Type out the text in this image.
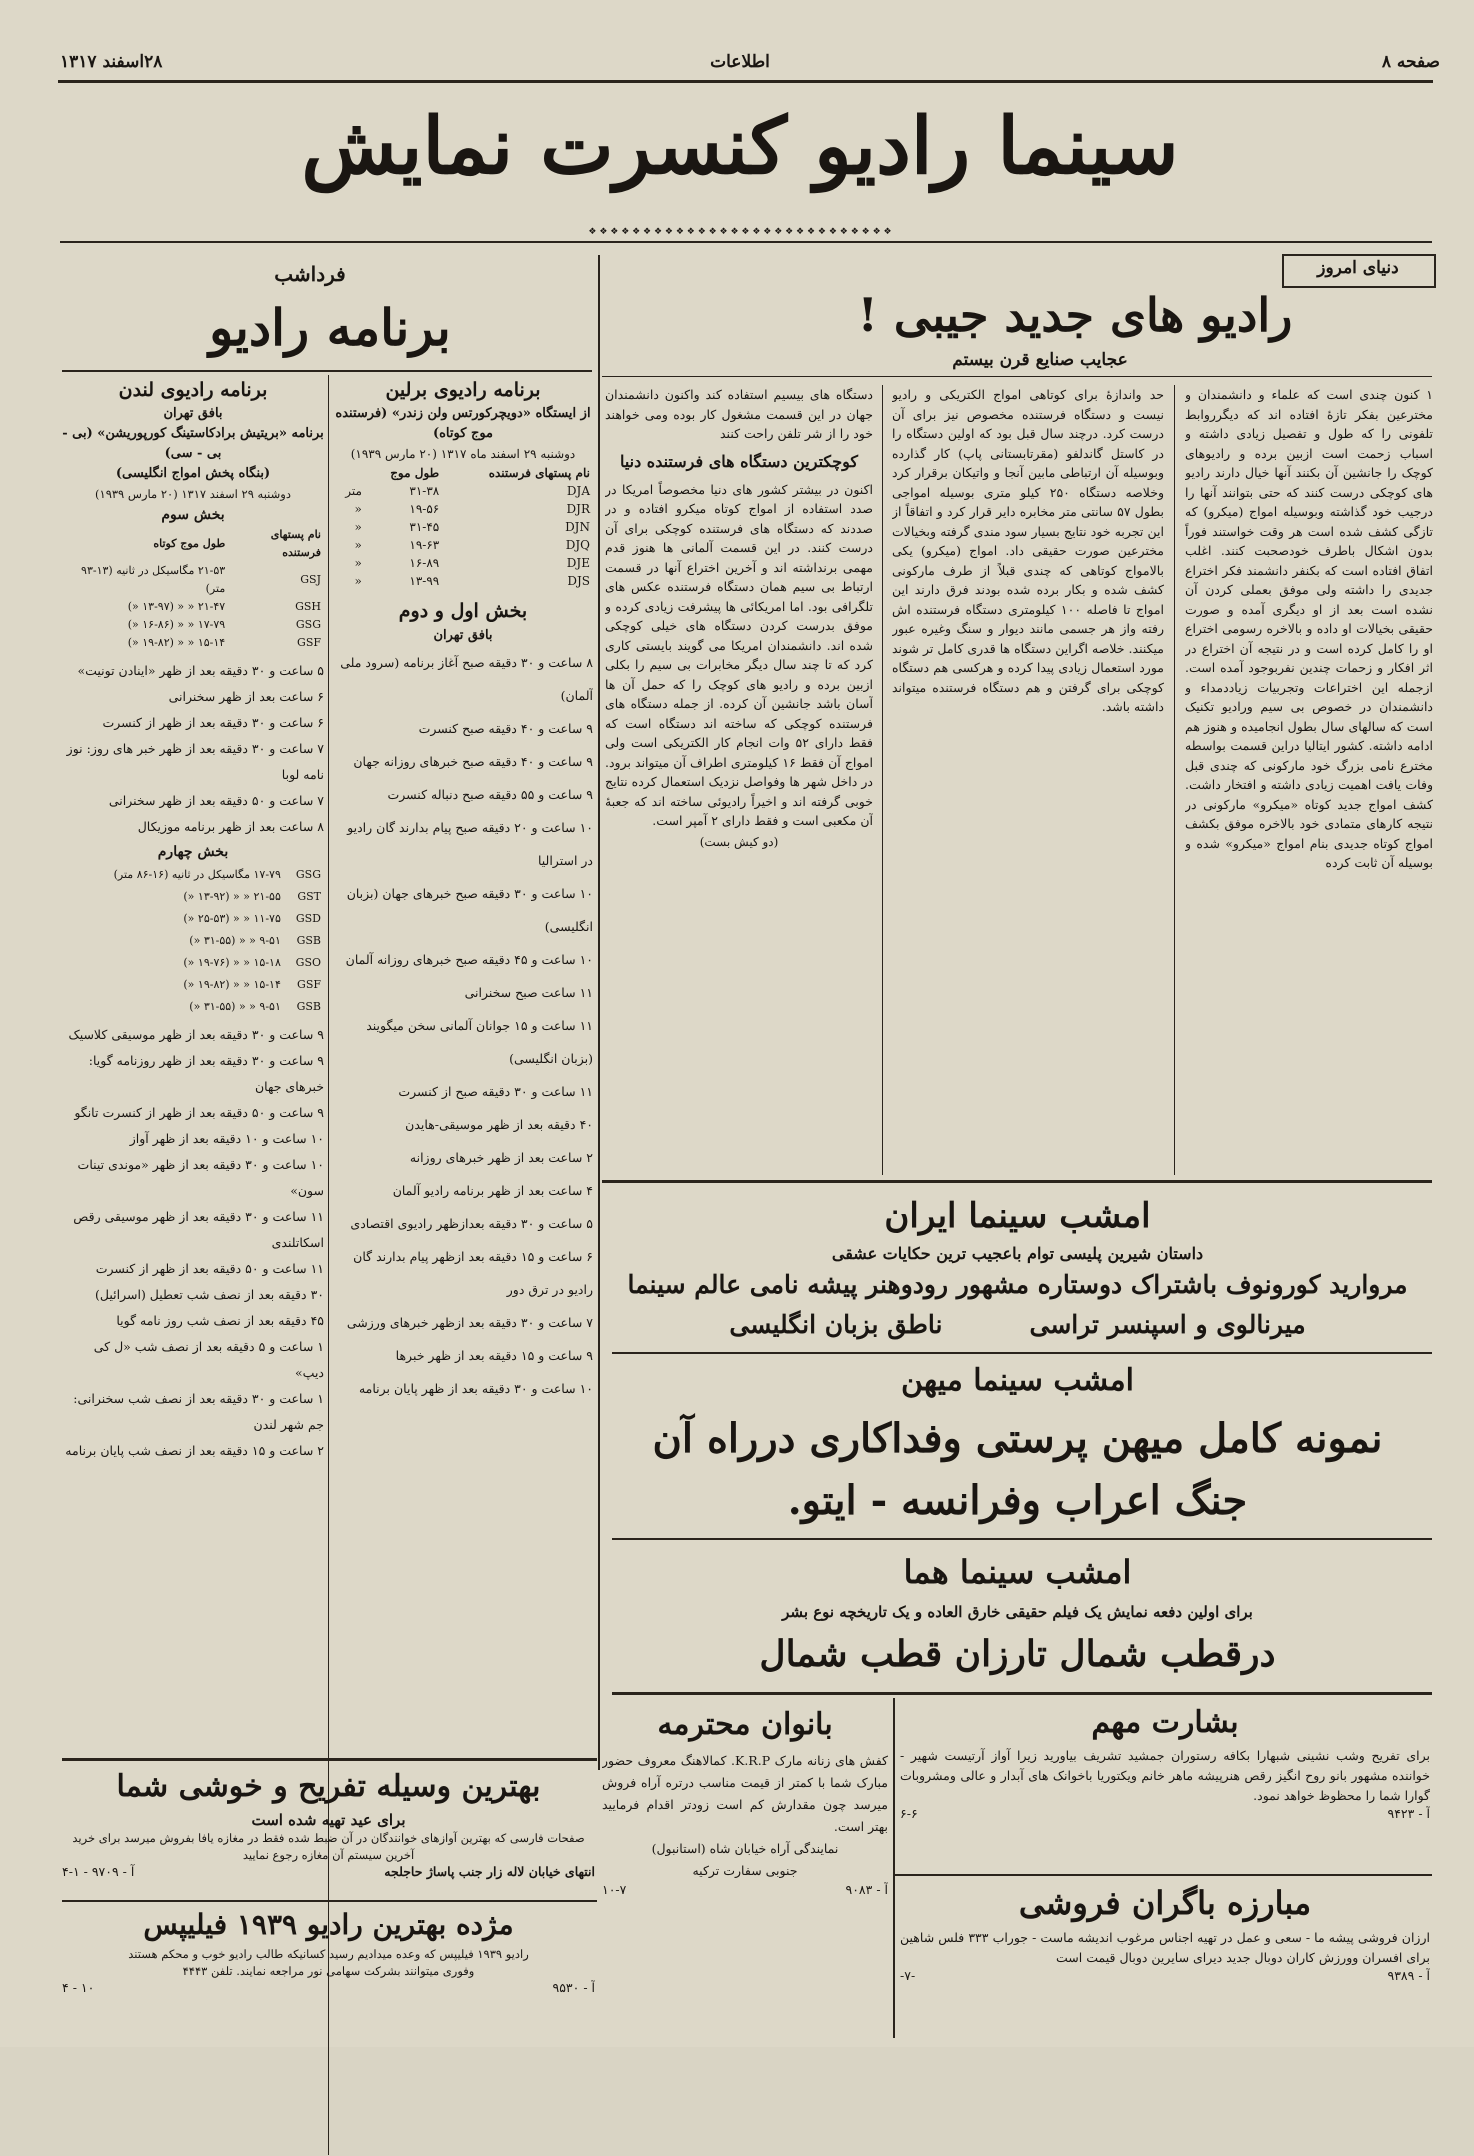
صفحه ۸
اطلاعات
۲۸اسفند ۱۳۱۷
سینما رادیو کنسرت نمایش
❖ ❖ ❖ ❖ ❖ ❖ ❖ ❖ ❖ ❖ ❖ ❖ ❖ ❖ ❖ ❖ ❖ ❖ ❖ ❖ ❖ ❖ ❖ ❖ ❖ ❖ ❖ ❖
دنیای امروز
رادیو های جدید جیبی !
عجایب صنایع قرن بیستم

۱ کنون چندی است که علماء و دانشمندان و مخترعین بفکر تازهٔ افتاده اند که دیگرروابط تلفونی را که طول و تفصیل زیادی داشته و اسباب زحمت است ازبین برده و رادیوهای کوچک را جانشین آن بکنند آنها خیال دارند رادیو های کوچکی درست کنند که حتی بتوانند آنها را درجیب خود گذاشته وبوسیله امواج (میکرو) که تازگی کشف شده است هر وقت خواستند فوراً بدون اشکال باطرف خودصحبت کنند. اغلب اتفاق افتاده است که بکنفر دانشمند فکر اختراع جدیدی را داشته ولی موفق بعملی کردن آن نشده است بعد از او دیگری آمده و صورت حقیقی بخیالات او داده و بالاخره رسومی اختراع او را کامل کرده است و در نتیجه آن اختراع در اثر افکار و زحمات چندین نفربوجود آمده است. ازجمله این اختراعات وتجربیات زیاددمداء و دانشمندان در خصوص بی سیم ورادیو تکنیک است که سالهای سال بطول انجامیده و هنوز هم ادامه داشته. کشور ایتالیا دراین قسمت بواسطه مخترع نامی بزرگ خود مارکونی که چندی قبل وفات یافت اهمیت زیادی داشته و افتخار داشت. کشف امواج جدید کوتاه «میکرو» مارکونی در نتیجه کارهای متمادی خود بالاخره موفق بکشف امواج کوتاه جدیدی بنام امواج «میکرو» شده و بوسیله آن ثابت کرده

حد واندازهٔ برای کوتاهی امواج الکتریکی و رادیو نیست و دستگاه فرستنده مخصوص نیز برای آن درست کرد. درچند سال قبل بود که اولین دستگاه را در کاستل گاندلفو (مقرتابستانی پاپ) کار گذارده وبوسیله آن ارتباطی مابین آنجا و واتیکان برقرار کرد وخلاصه دستگاه ۲۵۰ کیلو متری بوسیله امواجی بطول ۵۷ سانتی متر مخابره دایر قرار کرد و اتفاقاً از این تجربه خود نتایج بسیار سود مندی گرفته وبخیالات مخترعین صورت حقیقی داد. امواج (میکرو) یکی بالامواج کوتاهی که چندی قبلاً از طرف مارکونی کشف شده و بکار برده شده بودند فرق دارند این امواج تا فاصله ۱۰۰ کیلومتری دستگاه فرستنده اش رفته واز هر جسمی مانند دیوار و سنگ وغیره عبور میکنند. خلاصه اگراین دستگاه ها قدری کامل تر شوند مورد استعمال زیادی پیدا کرده و هرکسی هم دستگاه کوچکی برای گرفتن و هم دستگاه فرستنده میتواند داشته باشد.

دستگاه های بیسیم استفاده کند واکنون دانشمندان جهان در این قسمت مشغول کار بوده ومی خواهند خود را از شر تلفن راحت کنند

کوچکترین دستگاه های فرستنده دنیا

اکنون در بیشتر کشور های دنیا مخصوصاً امریکا در صدد استفاده از امواج کوتاه میکرو افتاده و در صددند که دستگاه های فرستنده کوچکی برای آن درست کنند. در این قسمت آلمانی ها هنوز قدم مهمی برنداشته اند و آخرین اختراع آنها در قسمت ارتباط بی سیم همان دستگاه فرستنده عکس های تلگرافی بود. اما امریکائی ها پیشرفت زیادی کرده و موفق بدرست کردن دستگاه های خیلی کوچکی شده اند. دانشمندان امریکا می گویند بایستی کاری کرد که تا چند سال دیگر مخابرات بی سیم را بکلی ازبین برده و رادیو های کوچک را که حمل آن ها آسان باشد جانشین آن کرده. از جمله دستگاه های فرستنده کوچکی که ساخته اند دستگاه است که فقط دارای ۵۲ وات انجام کار الکتریکی است ولی امواج آن فقط ۱۶ کیلومتری اطراف آن میتواند برود. در داخل شهر ها وفواصل نزدیک استعمال کرده نتایج خوبی گرفته اند و اخیراً رادیوئی ساخته اند که جعبهٔ آن مکعبی است و فقط دارای ۲ آمپر است.

(دو کیش بست)
فرداشب
برنامه رادیو
برنامه رادیوی برلین
از ایستگاه «دویچرکورتس ولن زندر» (فرستنده موج کوتاه)
دوشنبه ۲۹ اسفند ماه ۱۳۱۷ (۲۰ مارس ۱۹۳۹)
نام پستهای فرستنده	طول موج	
DJA	۳۱-۳۸	متر
DJR	۱۹-۵۶	«
DJN	۳۱-۴۵	«
DJQ	۱۹-۶۳	«
DJE	۱۶-۸۹	«
DJS	۱۳-۹۹	«
بخش اول و دوم
بافق تهران
۸ ساعت و ۳۰ دقیقه صبح آغاز برنامه (سرود ملی آلمان)
۹ ساعت و ۴۰ دقیقه صبح کنسرت
۹ ساعت و ۴۰ دقیقه صبح خبرهای روزانه جهان
۹ ساعت و ۵۵ دقیقه صبح دنباله کنسرت
۱۰ ساعت و ۲۰ دقیقه صبح پیام بدارند گان رادیو در استرالیا
۱۰ ساعت و ۳۰ دقیقه صبح خبرهای جهان (بزبان انگلیسی)
۱۰ ساعت و ۴۵ دقیقه صبح خبرهای روزانه آلمان
۱۱ ساعت صبح سخنرانی
۱۱ ساعت و ۱۵ جوانان آلمانی سخن میگویند (بزبان انگلیسی)
۱۱ ساعت و ۳۰ دقیقه صبح از کنسرت
۴۰ دقیقه بعد از ظهر موسیقی-هایدن
۲ ساعت بعد از ظهر خبرهای روزانه
۴ ساعت بعد از ظهر برنامه رادیو آلمان
۵ ساعت و ۳۰ دقیقه بعدازظهر رادیوی اقتصادی
۶ ساعت و ۱۵ دقیقه بعد ازظهر پیام بدارند گان رادیو در ترق دور
۷ ساعت و ۳۰ دقیقه بعد ازظهر خبرهای ورزشی
۹ ساعت و ۱۵ دقیقه بعد از ظهر خبرها
۱۰ ساعت و ۳۰ دقیقه بعد از ظهر پایان برنامه
برنامه رادیوی لندن
بافق تهران
برنامه «بریتیش برادکاستینگ کورپوریشن» (بی - بی - سی)
(بنگاه پخش امواج انگلیسی)
دوشنبه ۲۹ اسفند ۱۳۱۷ (۲۰ مارس ۱۹۳۹)
بخش سوم
نام پستهای فرستنده	طول موج کوتاه
GSJ	۲۱-۵۳ مگاسیکل در ثانیه (۱۳-۹۳ متر)
GSH	۲۱-۴۷ « « (۱۳-۹۷ «)
GSG	۱۷-۷۹ « « (۱۶-۸۶ «)
GSF	۱۵-۱۴ « « (۱۹-۸۲ «)
۵ ساعت و ۳۰ دقیقه بعد از ظهر «اینادن تونیت»
۶ ساعت بعد از ظهر سخنرانی
۶ ساعت و ۳۰ دقیقه بعد از ظهر از کنسرت
۷ ساعت و ۳۰ دقیقه بعد از ظهر خبر های روز: نوز نامه لوبا
۷ ساعت و ۵۰ دقیقه بعد از ظهر سخنرانی
۸ ساعت بعد از ظهر برنامه موزیکال
بخش چهارم
GSG	۱۷-۷۹ مگاسیکل در ثانیه (۱۶-۸۶ متر)
GST	۲۱-۵۵ « « (۱۳-۹۲ «)
GSD	۱۱-۷۵ « « (۲۵-۵۳ «)
GSB	۹-۵۱ « « (۳۱-۵۵ «)
GSO	۱۵-۱۸ « « (۱۹-۷۶ «)
GSF	۱۵-۱۴ « « (۱۹-۸۲ «)
GSB	۹-۵۱ « « (۳۱-۵۵ «)
۹ ساعت و ۳۰ دقیقه بعد از ظهر موسیقی کلاسیک
۹ ساعت و ۳۰ دقیقه بعد از ظهر روزنامه گویا: خبرهای جهان
۹ ساعت و ۵۰ دقیقه بعد از ظهر از کنسرت تانگو
۱۰ ساعت و ۱۰ دقیقه بعد از ظهر آواز
۱۰ ساعت و ۳۰ دقیقه بعد از ظهر «موندی تینات سون»
۱۱ ساعت و ۳۰ دقیقه بعد از ظهر موسیقی رقص اسکاتلندی
۱۱ ساعت و ۵۰ دقیقه بعد از ظهر از کنسرت
۳۰ دقیقه بعد از نصف شب تعطیل (اسرائیل)
۴۵ دقیقه بعد از نصف شب روز نامه گویا
۱ ساعت و ۵ دقیقه بعد از نصف شب «ل کی دیپ»
۱ ساعت و ۳۰ دقیقه بعد از نصف شب سخنرانی: جم شهر لندن
۲ ساعت و ۱۵ دقیقه بعد از نصف شب پایان برنامه
امشب سینما ایران
داستان شیرین پلیسی توام باعجیب ترین حکایات عشقی
مروارید کورونوف باشتراک دوستاره مشهور رودوهنر پیشه نامی عالم سینما
میرنالوی و اسپنسر تراسی          ناطق بزبان انگلیسی
امشب سینما میهن
نمونه کامل میهن پرستی وفداکاری درراه آن
جنگ اعراب وفرانسه - ایتو.
امشب سینما هما
برای اولین دفعه نمایش یک فیلم حقیقی خارق العاده و یک تاریخچه نوع بشر
درقطب شمال تارزان قطب شمال
بشارت مهم

برای تفریح وشب نشینی شبهارا بکافه رستوران جمشید تشریف بیاورید زیرا آواز آرتیست شهیر - خواننده مشهور بانو روح انگیز رقص هنرپیشه ماهر خانم ویکتوریا باخوانک های آبدار و عالی ومشروبات گوارا شما را محظوظ خواهد نمود.

آ - ۹۴۲۳
۶-۶
مبارزه باگران فروشی

ارزان فروشی پیشه ما - سعی و عمل در تهیه اجناس مرغوب اندیشه ماست - جوراب ۳۳۳ فلس شاهین برای افسران وورزش کاران دوبال جدید دیرای سایرین دوبال قیمت است

آ - ۹۳۸۹
-۷-
بانوان محترمه

کفش های زنانه مارک K.R.P. کمالاهنگ معروف حضور مبارک شما با کمتر از قیمت مناسب درتره آراه فروش میرسد چون مقدارش کم است زودتر اقدام فرمایید بهتر است.

نمایندگی آراه خیابان شاه (استانبول)
جنوبی سفارت ترکیه
آ - ۹۰۸۳
۱۰-۷
بهترین وسیله تفریح و خوشی شما
برای عید تهیه شده است

صفحات فارسی که بهترین آوازهای خوانندگان در آن ضبط شده فقط در مغازه یافا بفروش میرسد برای خرید آخرین سیستم آن مغازه رجوع نمایید

انتهای خیابان لاله زار جنب پاساژ حاجلجه
آ - ۹۷۰۹ - ۱-۴
مژده بهترین رادیو ۱۹۳۹ فیلیپس

رادیو ۱۹۳۹ فیلیپس که وعده میدادیم رسید کسانیکه طالب رادیو خوب و محکم هستند

وفوری میتوانند بشرکت سهامی نور مراجعه نمایند. تلفن ۴۴۴۳

آ - ۹۵۳۰
۱۰ - ۴
